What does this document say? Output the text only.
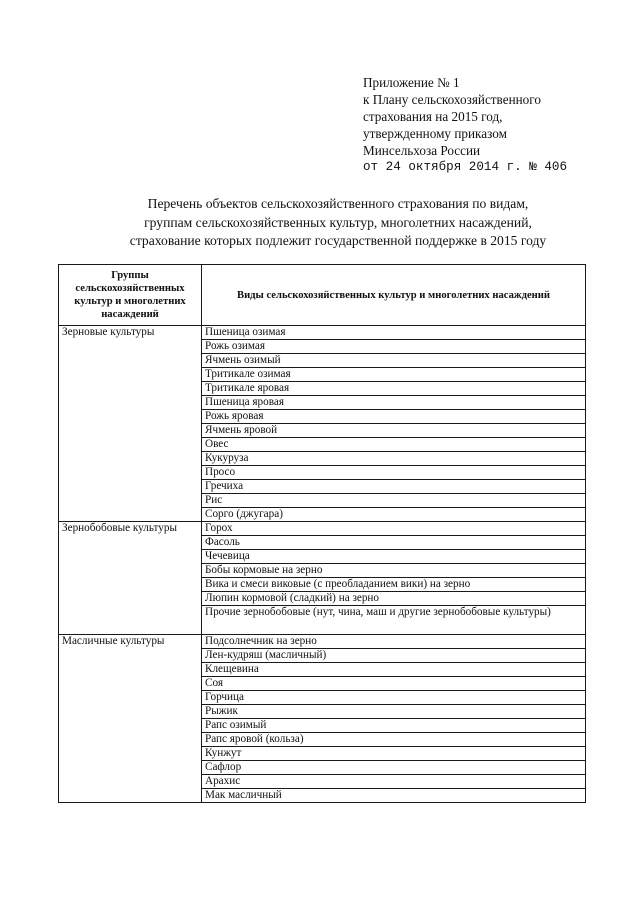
Приложение № 1
к Плану сельскохозяйственного
страхования на 2015 год,
утвержденному приказом
Минсельхоза России
от 24 октября 2014 г. № 406
Перечень объектов сельскохозяйственного страхования по видам,
группам сельскохозяйственных культур, многолетних насаждений,
страхование которых подлежит государственной поддержке в 2015 году
Группы сельскохозяйственных культур и многолетних насаждений	Виды сельскохозяйственных культур и многолетних насаждений
Зерновые культуры	Пшеница озимая
	Рожь озимая
	Ячмень озимый
	Тритикале озимая
	Тритикале яровая
	Пшеница яровая
	Рожь яровая
	Ячмень яровой
	Овес
	Кукуруза
	Просо
	Гречиха
	Рис
	Сорго (джугара)
Зернобобовые культуры	Горох
	Фасоль
	Чечевица
	Бобы кормовые на зерно
	Вика и смеси виковые (с преобладанием вики) на зерно
	Люпин кормовой (сладкий) на зерно
	Прочие зернобобовые (нут, чина, маш и другие зернобобовые культуры)
Масличные культуры	Подсолнечник на зерно
	Лен-кудряш (масличный)
	Клещевина
	Соя
	Горчица
	Рыжик
	Рапс озимый
	Рапс яровой (кольза)
	Кунжут
	Сафлор
	Арахис
	Мак масличный
